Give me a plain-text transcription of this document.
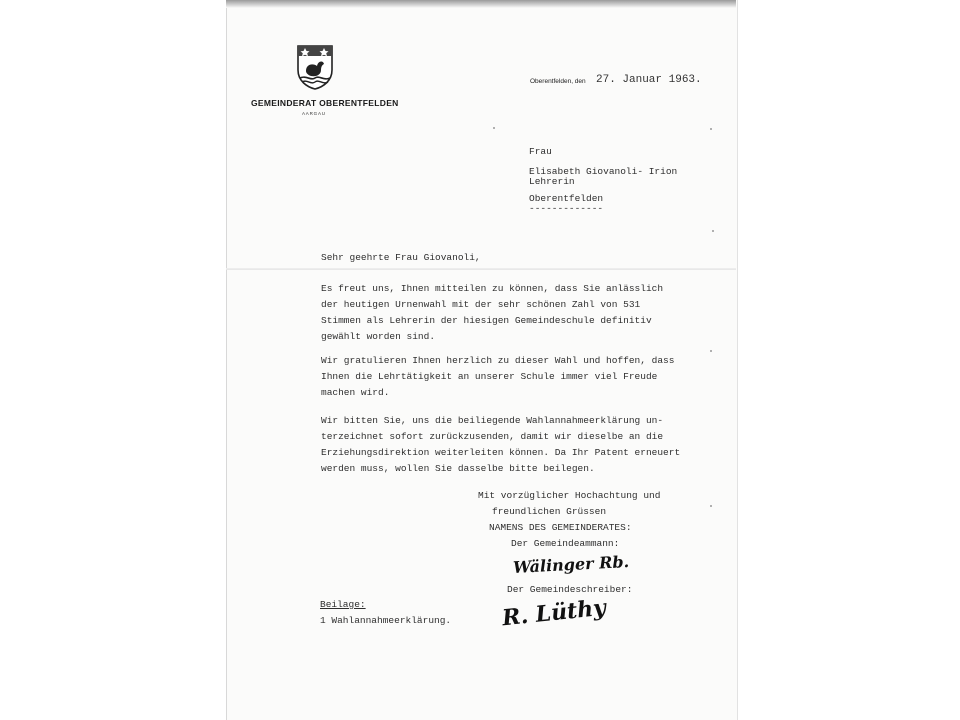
GEMEINDERAT OBERENTFELDEN
AARGAU
Oberentfelden, den 27. Januar 1963.
Frau
Elisabeth Giovanoli- Irion
Lehrerin
Oberentfelden
-------------
Sehr geehrte Frau Giovanoli,
Es freut uns, Ihnen mitteilen zu können, dass Sie anlässlich
der heutigen Urnenwahl mit der sehr schönen Zahl von 531
Stimmen als Lehrerin der hiesigen Gemeindeschule definitiv
gewählt worden sind.
Wir gratulieren Ihnen herzlich zu dieser Wahl und hoffen, dass
Ihnen die Lehrtätigkeit an unserer Schule immer viel Freude
machen wird.
Wir bitten Sie, uns die beiliegende Wahlannahmeerklärung un-
terzeichnet sofort zurückzusenden, damit wir dieselbe an die
Erziehungsdirektion weiterleiten können. Da Ihr Patent erneuert
werden muss, wollen Sie dasselbe bitte beilegen.
Mit vorzüglicher Hochachtung und
freundlichen Grüssen
NAMENS DES GEMEINDERATES:
Der Gemeindeammann:
Wälinger Rb.
Der Gemeindeschreiber:
R. Lüthy
Beilage:
1 Wahlannahmeerklärung.
